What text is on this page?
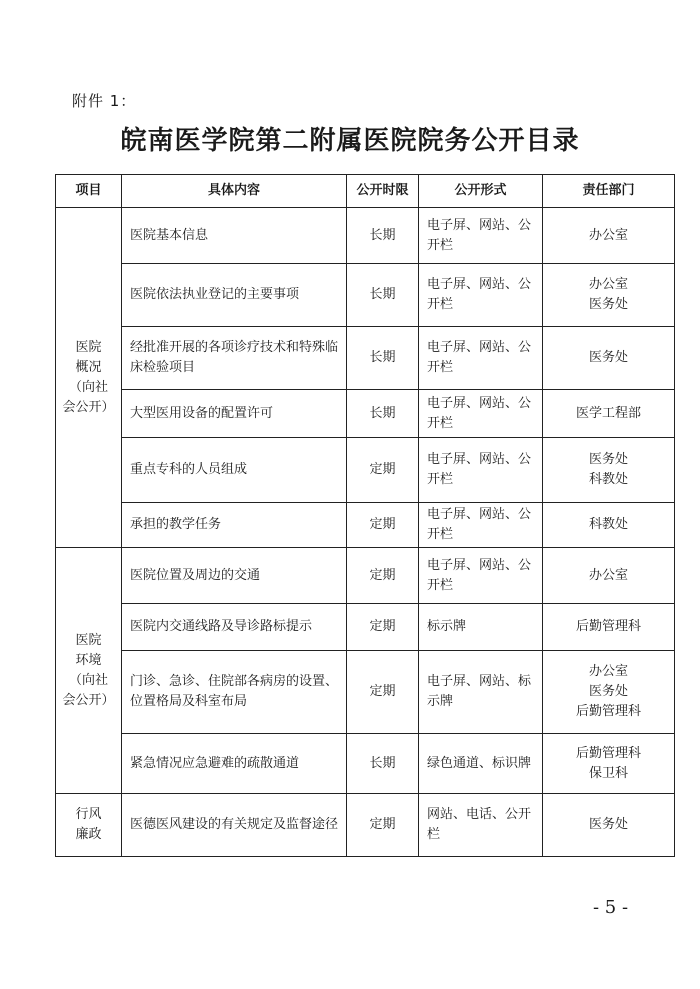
附件 1：
皖南医学院第二附属医院院务公开目录
项目	具体内容	公开时限	公开形式	责任部门

医院
概况
（向社
会公开）	医院基本信息	长期	电子屏、网站、公开栏	办公室
	医院依法执业登记的主要事项	长期	电子屏、网站、公开栏	办公室
医务处
	经批准开展的各项诊疗技术和特殊临床检验项目	长期	电子屏、网站、公开栏	医务处
	大型医用设备的配置许可	长期	电子屏、网站、公开栏	医学工程部
	重点专科的人员组成	定期	电子屏、网站、公开栏	医务处
科教处
	承担的教学任务	定期	电子屏、网站、公开栏	科教处

医院
环境
（向社
会公开）	医院位置及周边的交通	定期	电子屏、网站、公开栏	办公室
	医院内交通线路及导诊路标提示	定期	标示牌	后勤管理科
	门诊、急诊、住院部各病房的设置、位置格局及科室布局	定期	电子屏、网站、标示牌	办公室
医务处
后勤管理科
	紧急情况应急避难的疏散通道	长期	绿色通道、标识牌	后勤管理科
保卫科

行风
廉政	医德医风建设的有关规定及监督途径	定期	网站、电话、公开栏	医务处
- 5 -
